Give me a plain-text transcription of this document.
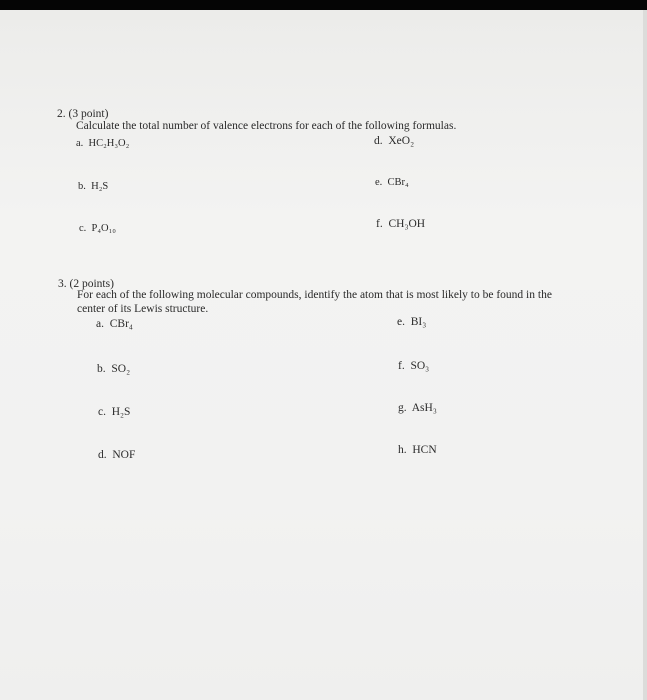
2. (3 point)
Calculate the total number of valence electrons for each of the following formulas.
a. HC₂H₃O₂
b. H₂S
c. P₄O₁₀
d. XeO₂
e. CBr₄
f. CH₃OH
3. (2 points)
For each of the following molecular compounds, identify the atom that is most likely to be found in the
center of its Lewis structure.
a. CBr₄
b. SO₂
c. H₂S
d. NOF
e. BI₃
f. SO₃
g. AsH₃
h. HCN
